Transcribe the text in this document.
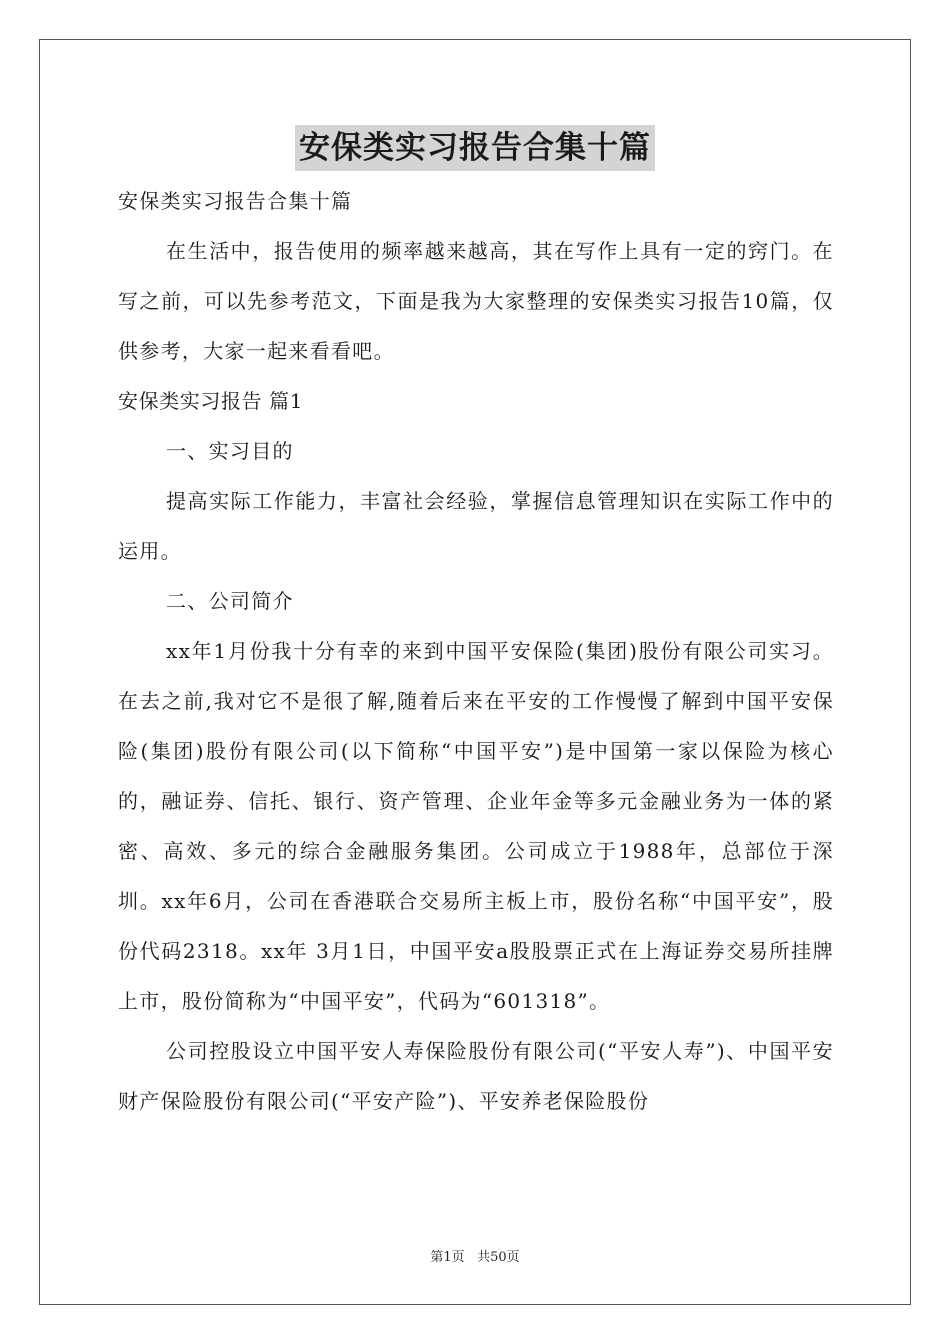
安保类实习报告合集十篇

安保类实习报告合集十篇

在生活中，报告使用的频率越来越高，其在写作上具有一定的窍门。在写之前，可以先参考范文，下面是我为大家整理的安保类实习报告10篇，仅供参考，大家一起来看看吧。

安保类实习报告 篇1

一、实习目的

提高实际工作能力，丰富社会经验，掌握信息管理知识在实际工作中的运用。

二、公司简介

xx年1月份我十分有幸的来到中国平安保险(集团)股份有限公司实习。在去之前,我对它不是很了解,随着后来在平安的工作慢慢了解到中国平安保险(集团)股份有限公司(以下简称“中国平安”)是中国第一家以保险为核心的，融证券、信托、银行、资产管理、企业年金等多元金融业务为一体的紧密、高效、多元的综合金融服务集团。公司成立于1988年，总部位于深圳。xx年6月，公司在香港联合交易所主板上市，股份名称“中国平安”，股份代码2318。xx年 3月1日，中国平安a股股票正式在上海证券交易所挂牌上市，股份简称为“中国平安”，代码为“601318”。

公司控股设立中国平安人寿保险股份有限公司(“平安人寿”)、中国平安财产保险股份有限公司(“平安产险”)、平安养老保险股份

第1页 共50页
